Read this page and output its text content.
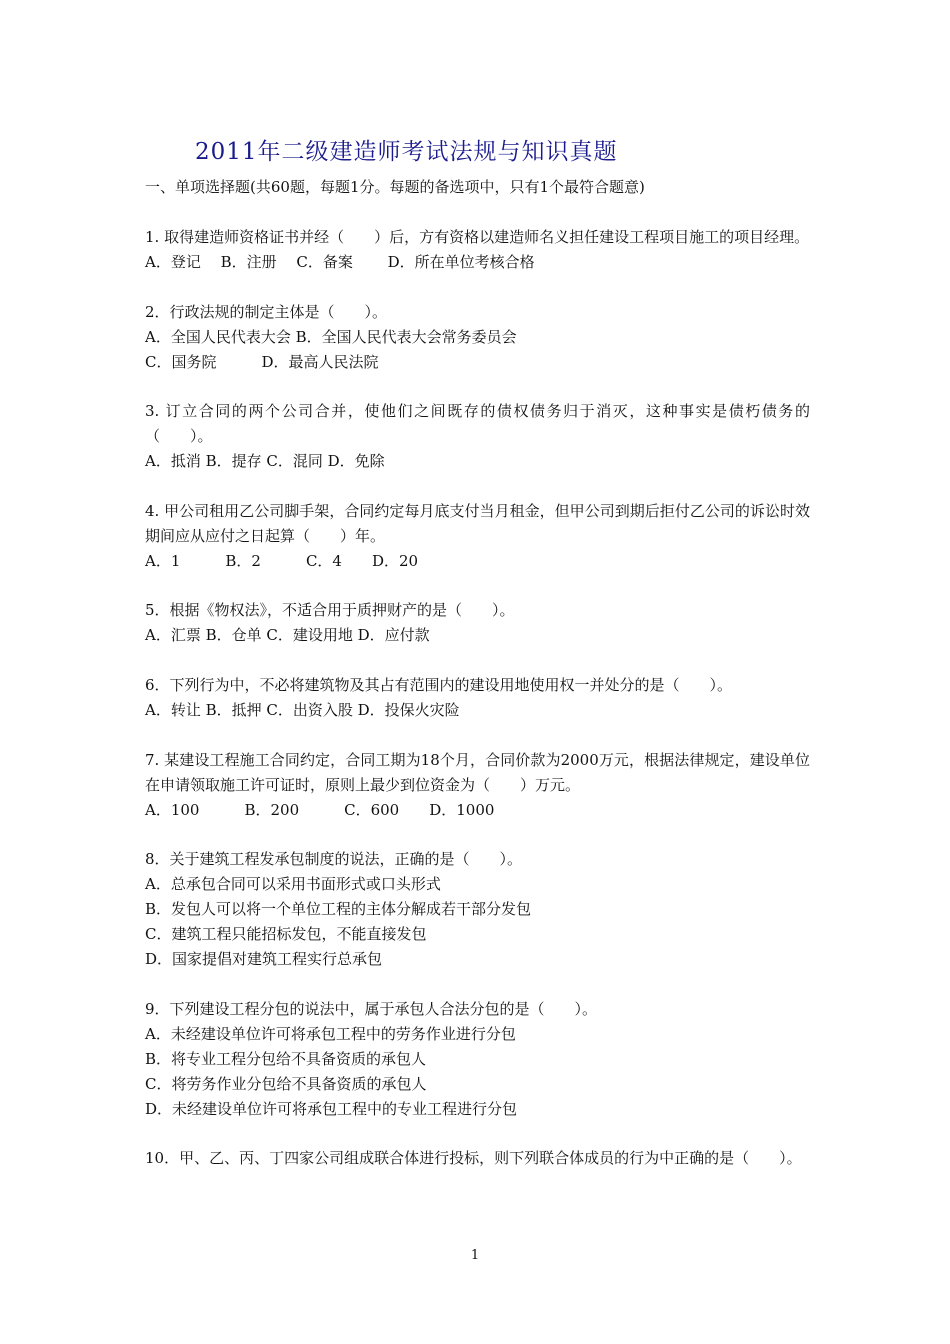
2011年二级建造师考试法规与知识真题
一、单项选择题(共60题，每题1分。每题的备选项中，只有1个最符合题意)

1. 取得建造师资格证书并经（　　）后，方有资格以建造师名义担任建设工程项目施工的项目经理。

A．登记　 B．注册　 C．备案　　 D．所在单位考核合格

2．行政法规的制定主体是（　　）。

A．全国人民代表大会 B．全国人民代表大会常务委员会
C．国务院　　　D．最高人民法院

3. 订立合同的两个公司合并，使他们之间既存的债权债务归于消灭，这种事实是债朽债务的（　　）。

A．抵消 B．提存 C．混同 D．免除

4. 甲公司租用乙公司脚手架，合同约定每月底支付当月租金，但甲公司到期后拒付乙公司的诉讼时效期间应从应付之日起算（　　）年。

A．1　　　B．2　　　C．4　　D．20

5．根据《物权法》，不适合用于质押财产的是（　　）。

A．汇票 B．仓单 C．建设用地 D．应付款

6．下列行为中，不必将建筑物及其占有范围内的建设用地使用权一并处分的是（　　）。

A．转让 B．抵押 C．出资入股 D．投保火灾险

7. 某建设工程施工合同约定，合同工期为18个月，合同价款为2000万元，根据法律规定，建设单位在申请领取施工许可证时，原则上最少到位资金为（　　）万元。

A．100　　　B．200　　　C．600　　D．1000

8．关于建筑工程发承包制度的说法，正确的是（　　）。

A．总承包合同可以采用书面形式或口头形式
B．发包人可以将一个单位工程的主体分解成若干部分发包
C．建筑工程只能招标发包，不能直接发包
D．国家提倡对建筑工程实行总承包

9．下列建设工程分包的说法中，属于承包人合法分包的是（　　）。

A．未经建设单位许可将承包工程中的劳务作业进行分包
B．将专业工程分包给不具备资质的承包人
C．将劳务作业分包给不具备资质的承包人
D．未经建设单位许可将承包工程中的专业工程进行分包

10．甲、乙、丙、丁四家公司组成联合体进行投标，则下列联合体成员的行为中正确的是（　　）。

1
